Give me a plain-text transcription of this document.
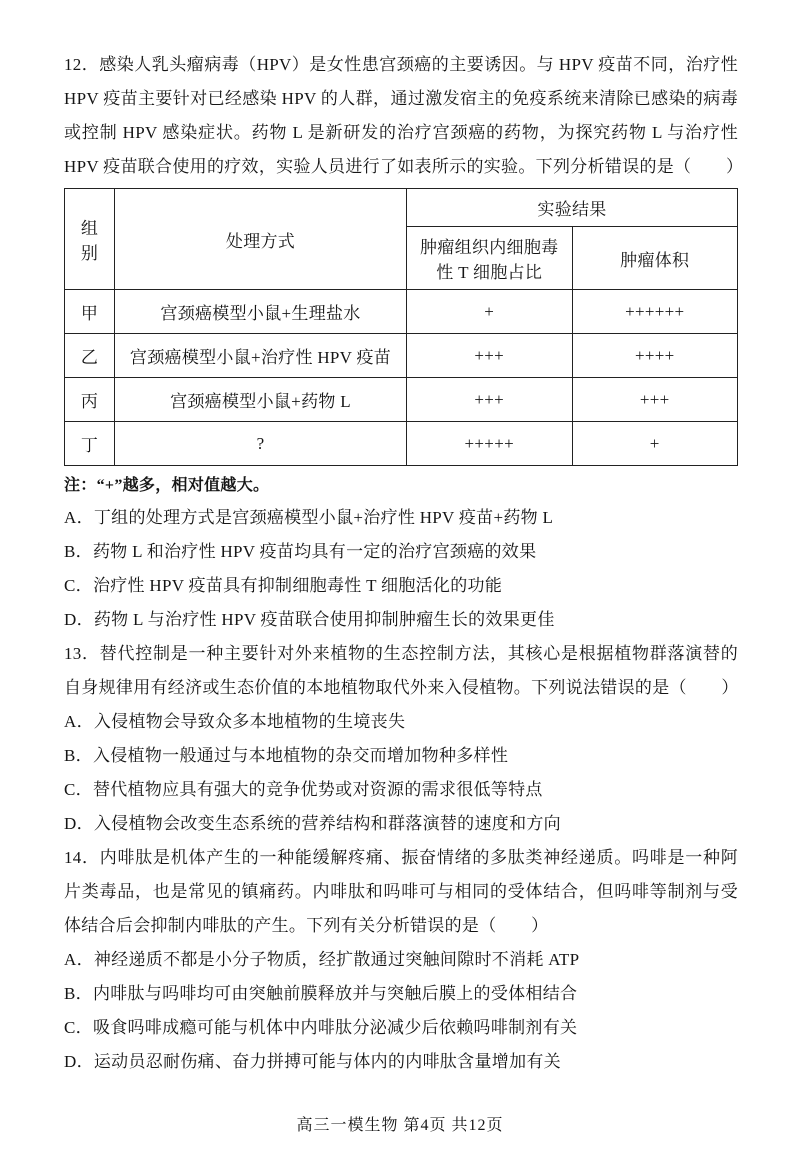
12．感染人乳头瘤病毒（HPV）是女性患宫颈癌的主要诱因。与 HPV 疫苗不同，治疗性 HPV 疫苗主要针对已经感染 HPV 的人群，通过激发宿主的免疫系统来清除已感染的病毒或控制 HPV 感染症状。药物 L 是新研发的治疗宫颈癌的药物，为探究药物 L 与治疗性 HPV 疫苗联合使用的疗效，实验人员进行了如表所示的实验。下列分析错误的是（　　）

组别	处理方式	实验结果	
		肿瘤组织内细胞毒性 T 细胞占比	肿瘤体积
甲	宫颈癌模型小鼠+生理盐水	+	++++++
乙	宫颈癌模型小鼠+治疗性 HPV 疫苗	+++	++++
丙	宫颈癌模型小鼠+药物 L	+++	+++
丁	?	+++++	+

注：“+”越多，相对值越大。

A．丁组的处理方式是宫颈癌模型小鼠+治疗性 HPV 疫苗+药物 L

B．药物 L 和治疗性 HPV 疫苗均具有一定的治疗宫颈癌的效果

C．治疗性 HPV 疫苗具有抑制细胞毒性 T 细胞活化的功能

D．药物 L 与治疗性 HPV 疫苗联合使用抑制肿瘤生长的效果更佳

13．替代控制是一种主要针对外来植物的生态控制方法，其核心是根据植物群落演替的自身规律用有经济或生态价值的本地植物取代外来入侵植物。下列说法错误的是（　　）

A．入侵植物会导致众多本地植物的生境丧失

B．入侵植物一般通过与本地植物的杂交而增加物种多样性

C．替代植物应具有强大的竞争优势或对资源的需求很低等特点

D．入侵植物会改变生态系统的营养结构和群落演替的速度和方向

14．内啡肽是机体产生的一种能缓解疼痛、振奋情绪的多肽类神经递质。吗啡是一种阿片类毒品，也是常见的镇痛药。内啡肽和吗啡可与相同的受体结合，但吗啡等制剂与受体结合后会抑制内啡肽的产生。下列有关分析错误的是（　　）

A．神经递质不都是小分子物质，经扩散通过突触间隙时不消耗 ATP

B．内啡肽与吗啡均可由突触前膜释放并与突触后膜上的受体相结合

C．吸食吗啡成瘾可能与机体中内啡肽分泌减少后依赖吗啡制剂有关

D．运动员忍耐伤痛、奋力拼搏可能与体内的内啡肽含量增加有关

高三一模生物 第4页 共12页
